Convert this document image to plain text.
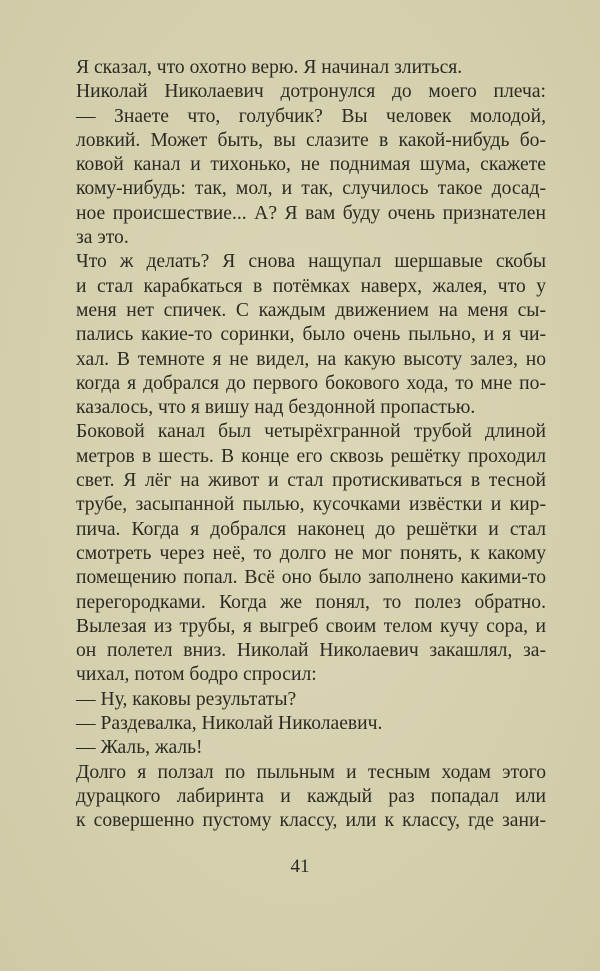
Я сказал, что охотно верю. Я начинал злиться.
Николай Николаевич дотронулся до моего плеча:
— Знаете что, голубчик? Вы человек молодой,
ловкий. Может быть, вы слазите в какой-нибудь бо-
ковой канал и тихонько, не поднимая шума, скажете
кому-нибудь: так, мол, и так, случилось такое досад-
ное происшествие... А? Я вам буду очень признателен
за это.
Что ж делать? Я снова нащупал шершавые скобы
и стал карабкаться в потёмках наверх, жалея, что у
меня нет спичек. С каждым движением на меня сы-
пались какие-то соринки, было очень пыльно, и я чи-
хал. В темноте я не видел, на какую высоту залез, но
когда я добрался до первого бокового хода, то мне по-
казалось, что я вишу над бездонной пропастью.
Боковой канал был четырёхгранной трубой длиной
метров в шесть. В конце его сквозь решётку проходил
свет. Я лёг на живот и стал протискиваться в тесной
трубе, засыпанной пылью, кусочками извёстки и кир-
пича. Когда я добрался наконец до решётки и стал
смотреть через неё, то долго не мог понять, к какому
помещению попал. Всё оно было заполнено какими-то
перегородками. Когда же понял, то полез обратно.
Вылезая из трубы, я выгреб своим телом кучу сора, и
он полетел вниз. Николай Николаевич закашлял, за-
чихал, потом бодро спросил:
— Ну, каковы результаты?
— Раздевалка, Николай Николаевич.
— Жаль, жаль!
Долго я ползал по пыльным и тесным ходам этого
дурацкого лабиринта и каждый раз попадал или
к совершенно пустому классу, или к классу, где зани-
41
